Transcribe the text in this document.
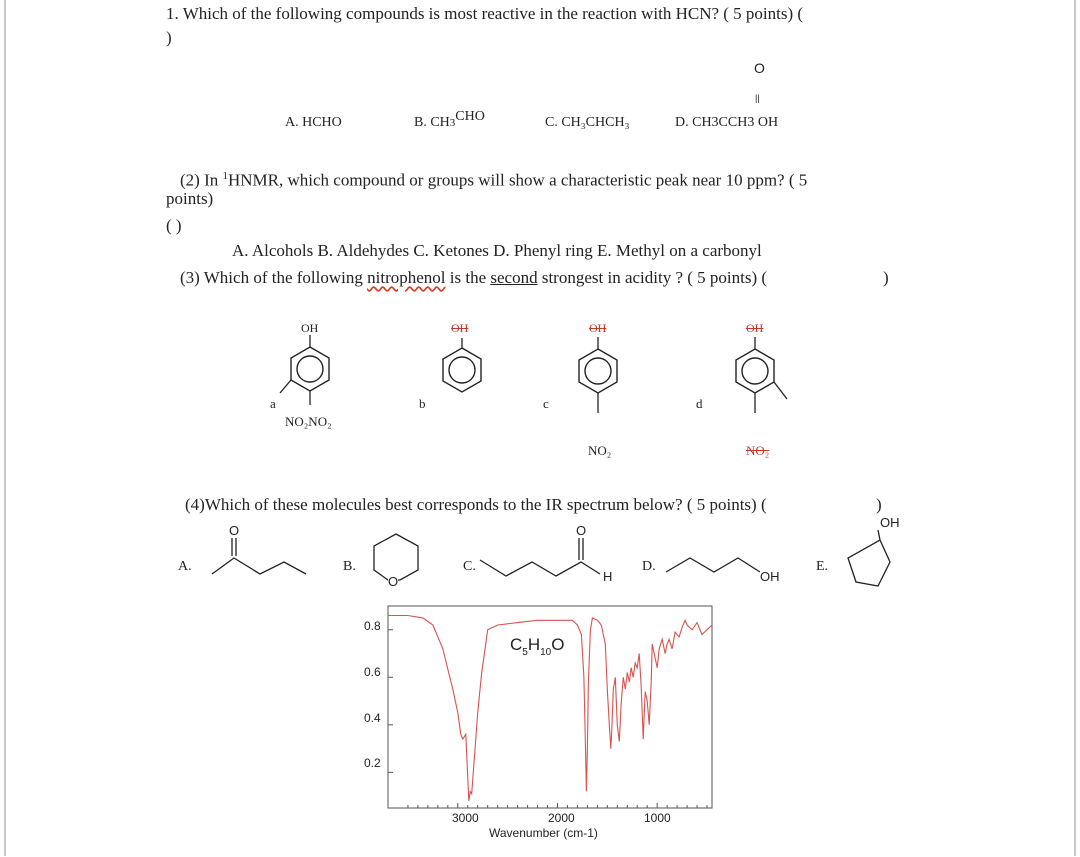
1. Which of the following compounds is most reactive in the reaction with HCN? ( 5 points) (
)
O
||
A. HCHO	B. CH3CHO	C. CH₃CHCH₃	D. CH3CCH3 OH
(2) In $^1$HNMR, which compound or groups will show a characteristic peak near 10 ppm? ( 5
points)
( )
A. Alcohols B. Aldehydes C. Ketones D. Phenyl ring E. Methyl on a carbonyl
(3) Which of the following nitrophenol is the second strongest in acidity ? ( 5 points) (	)
OH
a
NO₂NO₂
OH
b
OH
c
NO₂
OH
d
NO₂
(4)Which of these molecules best corresponds to the IR spectrum below? ( 5 points) (	)
A.
O
B.
O
C.
O
H
D.
OH
E.
OH
$C_5H_{10}O$
0.8
0.6
0.4
0.2
3000	2000	1000
Wavenumber (cm-1)
